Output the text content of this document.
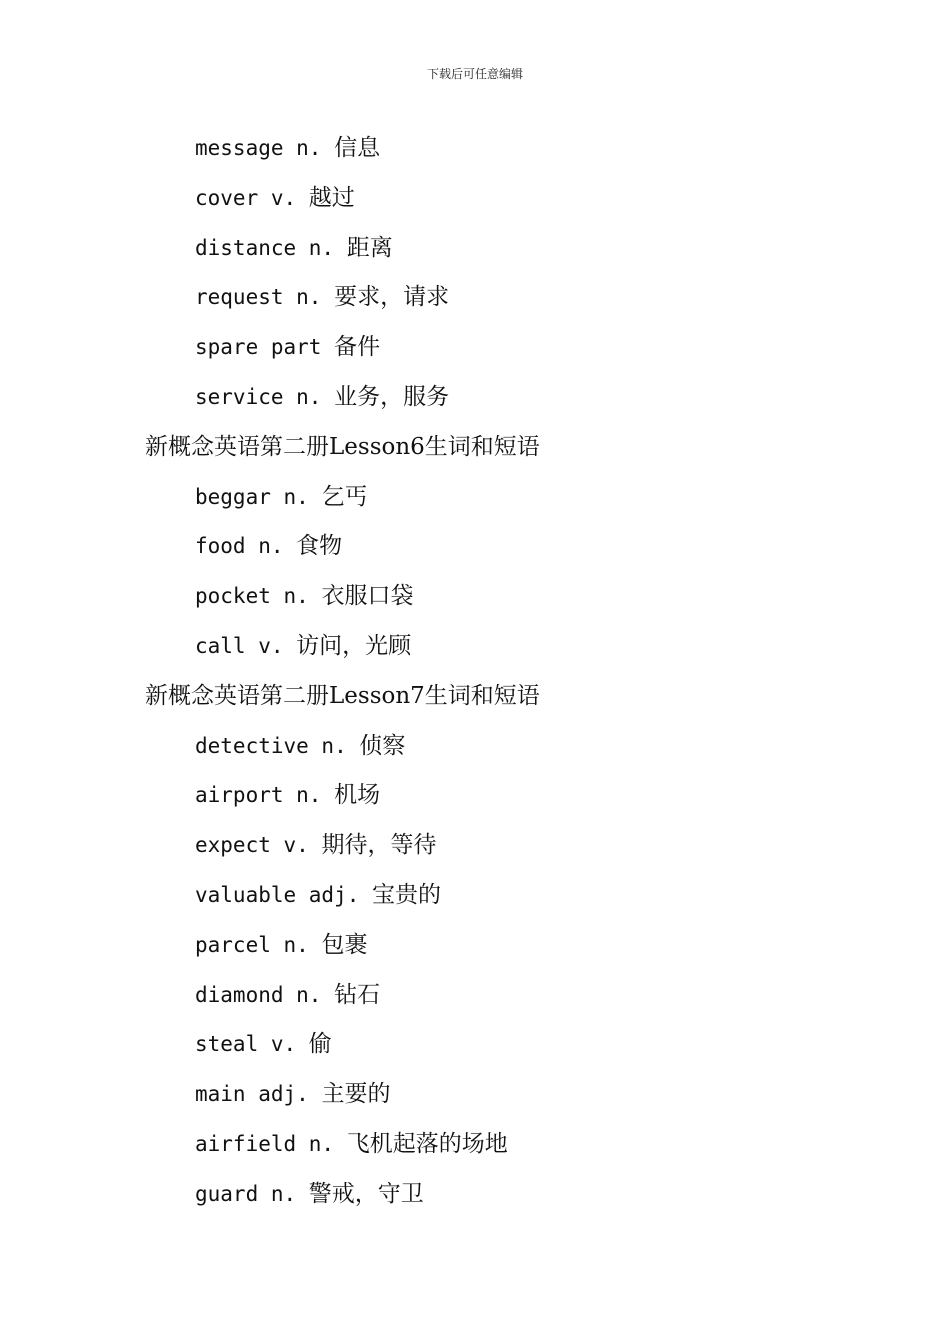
下载后可任意编辑
message n. 信息
cover v. 越过
distance n. 距离
request n. 要求，请求
spare part 备件
service n. 业务，服务
新概念英语第二册Lesson6生词和短语
beggar n. 乞丐
food n. 食物
pocket n. 衣服口袋
call v. 访问，光顾
新概念英语第二册Lesson7生词和短语
detective n. 侦察
airport n. 机场
expect v. 期待，等待
valuable adj. 宝贵的
parcel n. 包裹
diamond n. 钻石
steal v. 偷
main adj. 主要的
airfield n. 飞机起落的场地
guard n. 警戒，守卫
